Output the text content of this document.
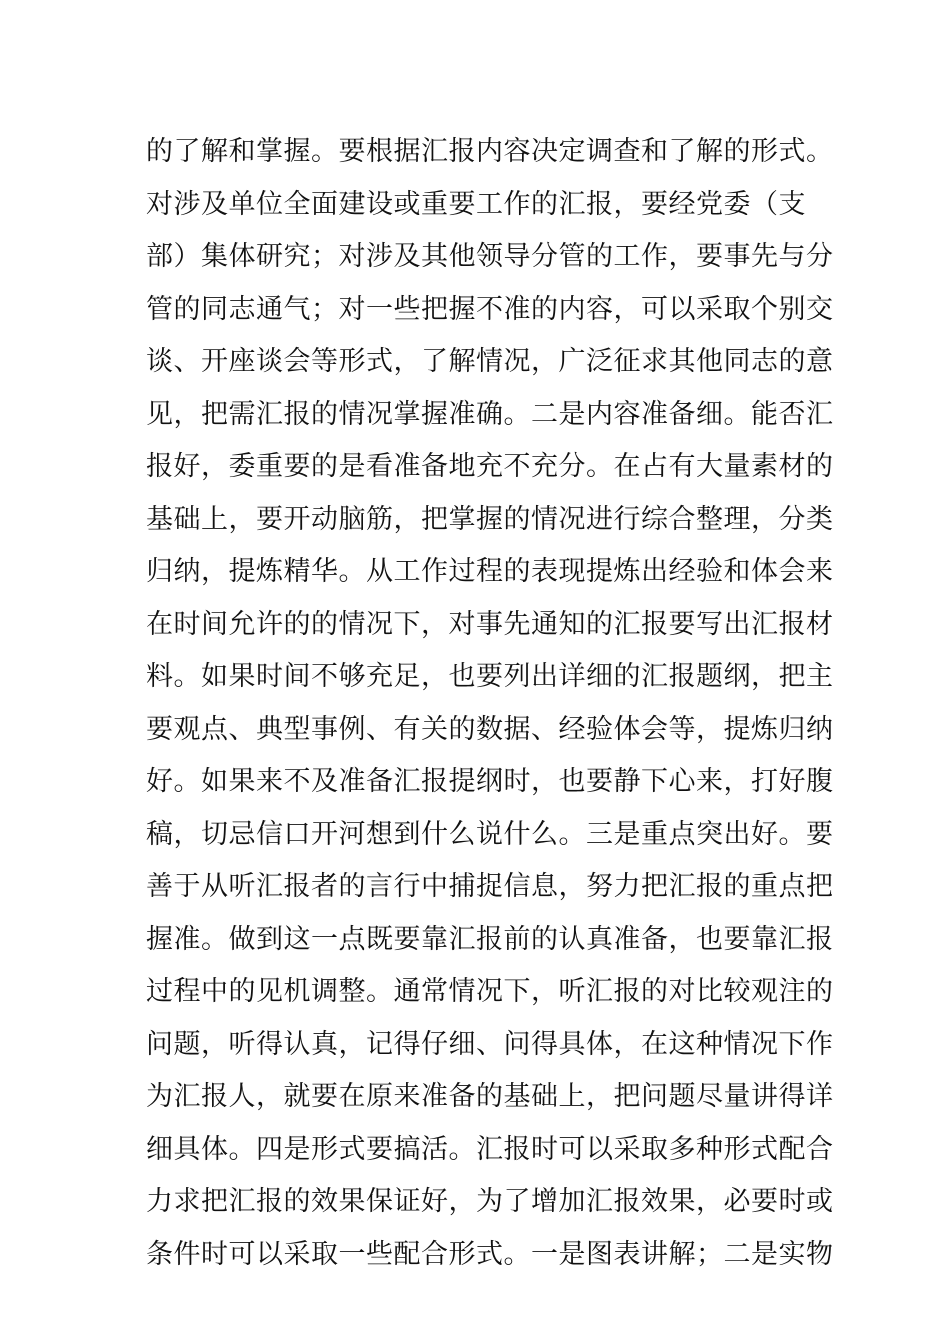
的了解和掌握。要根据汇报内容决定调查和了解的形式。
对涉及单位全面建设或重要工作的汇报，要经党委（支
部）集体研究；对涉及其他领导分管的工作，要事先与分
管的同志通气；对一些把握不准的内容，可以采取个别交
谈、开座谈会等形式，了解情况，广泛征求其他同志的意
见，把需汇报的情况掌握准确。二是内容准备细。能否汇
报好，委重要的是看准备地充不充分。在占有大量素材的
基础上，要开动脑筋，把掌握的情况进行综合整理，分类
归纳，提炼精华。从工作过程的表现提炼出经验和体会来
在时间允许的的情况下，对事先通知的汇报要写出汇报材
料。如果时间不够充足，也要列出详细的汇报题纲，把主
要观点、典型事例、有关的数据、经验体会等，提炼归纳
好。如果来不及准备汇报提纲时，也要静下心来，打好腹
稿，切忌信口开河想到什么说什么。三是重点突出好。要
善于从听汇报者的言行中捕捉信息，努力把汇报的重点把
握准。做到这一点既要靠汇报前的认真准备，也要靠汇报
过程中的见机调整。通常情况下，听汇报的对比较观注的
问题，听得认真，记得仔细、问得具体，在这种情况下作
为汇报人，就要在原来准备的基础上，把问题尽量讲得详
细具体。四是形式要搞活。汇报时可以采取多种形式配合
力求把汇报的效果保证好，为了增加汇报效果，必要时或
条件时可以采取一些配合形式。一是图表讲解；二是实物
